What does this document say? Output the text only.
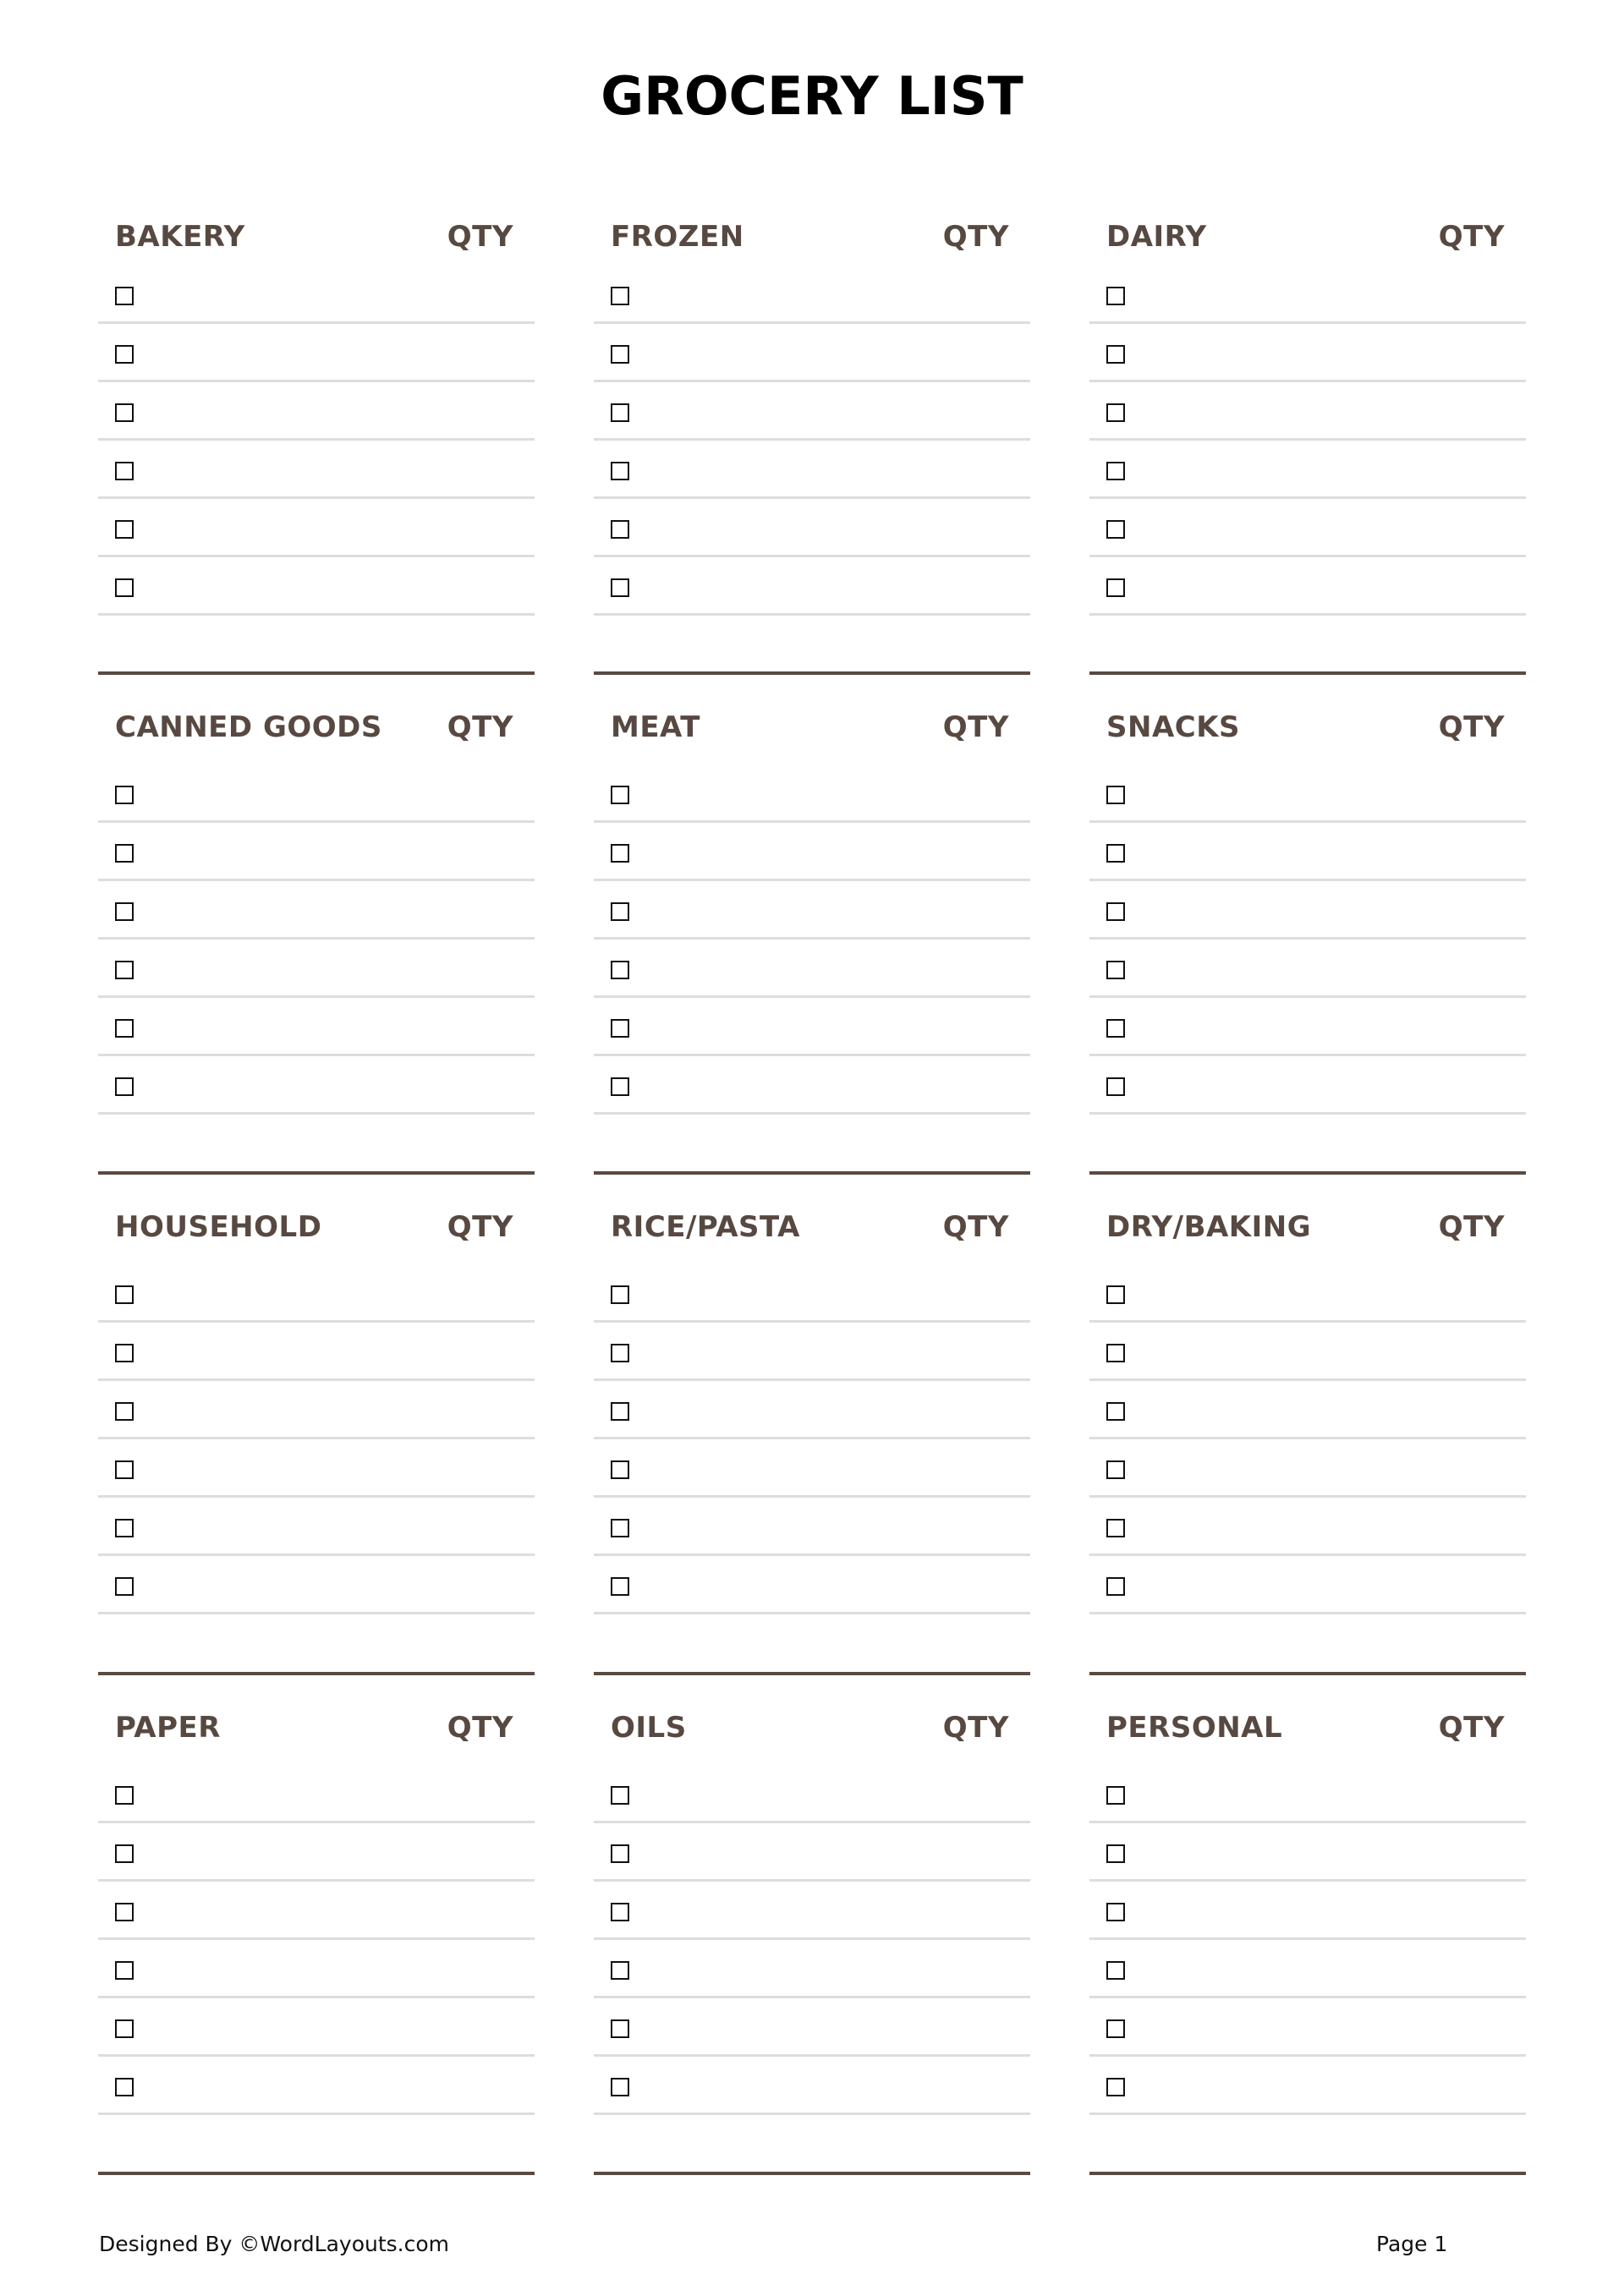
GROCERY LIST
BAKERY	QTY	FROZEN	QTY	DAIRY	QTY
CANNED GOODS QTY	MEAT	QTY	SNACKS	QTY
HOUSEHOLD	QTY	RICE/PASTA	QTY	DRY/BAKING	QTY
PAPER	QTY	OILS	QTY	PERSONAL	QTY
Designed By ©WordLayouts.com	Page 1
